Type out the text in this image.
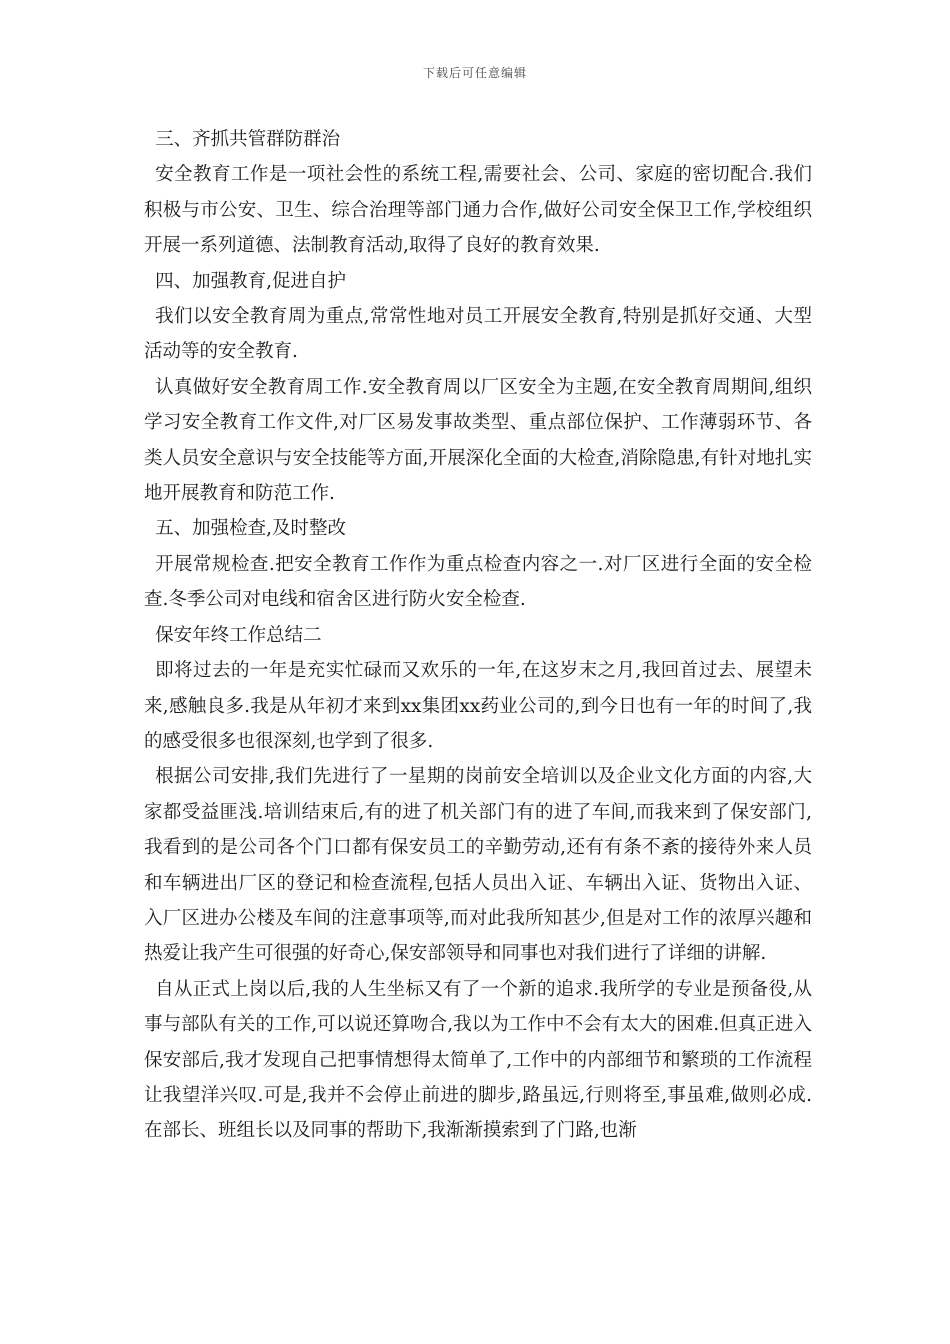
下载后可任意编辑

三、齐抓共管群防群治

安全教育工作是一项社会性的系统工程,需要社会、公司、家庭的密切配合.我们积极与市公安、卫生、综合治理等部门通力合作,做好公司安全保卫工作,学校组织开展一系列道德、法制教育活动,取得了良好的教育效果.

四、加强教育,促进自护

我们以安全教育周为重点,常常性地对员工开展安全教育,特别是抓好交通、大型活动等的安全教育.

认真做好安全教育周工作.安全教育周以厂区安全为主题,在安全教育周期间,组织学习安全教育工作文件,对厂区易发事故类型、重点部位保护、工作薄弱环节、各类人员安全意识与安全技能等方面,开展深化全面的大检查,消除隐患,有针对地扎实地开展教育和防范工作.

五、加强检查,及时整改

开展常规检查.把安全教育工作作为重点检查内容之一.对厂区进行全面的安全检查.冬季公司对电线和宿舍区进行防火安全检查.

保安年终工作总结二

即将过去的一年是充实忙碌而又欢乐的一年,在这岁末之月,我回首过去、展望未来,感触良多.我是从年初才来到xx集团xx药业公司的,到今日也有一年的时间了,我的感受很多也很深刻,也学到了很多.

根据公司安排,我们先进行了一星期的岗前安全培训以及企业文化方面的内容,大家都受益匪浅.培训结束后,有的进了机关部门有的进了车间,而我来到了保安部门,我看到的是公司各个门口都有保安员工的辛勤劳动,还有有条不紊的接待外来人员和车辆进出厂区的登记和检查流程,包括人员出入证、车辆出入证、货物出入证、入厂区进办公楼及车间的注意事项等,而对此我所知甚少,但是对工作的浓厚兴趣和热爱让我产生可很强的好奇心,保安部领导和同事也对我们进行了详细的讲解.

自从正式上岗以后,我的人生坐标又有了一个新的追求.我所学的专业是预备役,从事与部队有关的工作,可以说还算吻合,我以为工作中不会有太大的困难.但真正进入保安部后,我才发现自己把事情想得太简单了,工作中的内部细节和繁琐的工作流程让我望洋兴叹.可是,我并不会停止前进的脚步,路虽远,行则将至,事虽难,做则必成.在部长、班组长以及同事的帮助下,我渐渐摸索到了门路,也渐
